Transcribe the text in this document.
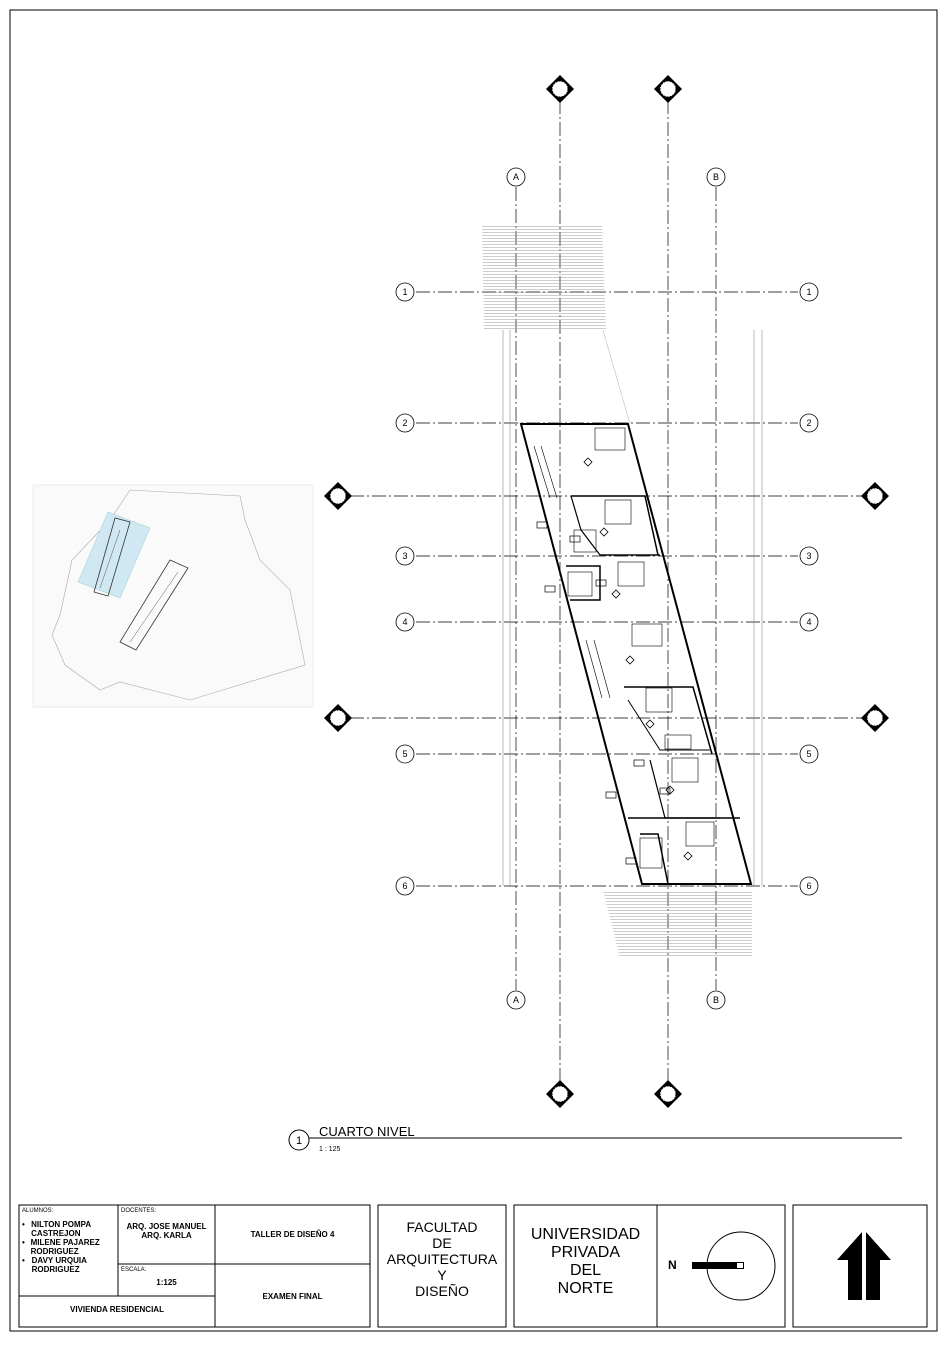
A	B
A	B
1
2
3
4
5
6
1
2
3
4
5
6
1
CUARTO NIVEL
1 : 125
ALUMNOS:
• NILTON POMPA CASTREJON
• MILENE PAJAREZ RODRIGUEZ
• DAVY URQUIA RODRIGUEZ
DOCENTES:
ARQ. JOSE MANUEL
ARQ. KARLA
ESCALA:
1:125
TALLER DE DISEÑO 4
EXAMEN FINAL
VIVIENDA RESIDENCIAL
FACULTAD
DE
ARQUITECTURA
Y
DISEÑO
UNIVERSIDAD
PRIVADA
DEL
NORTE
N
